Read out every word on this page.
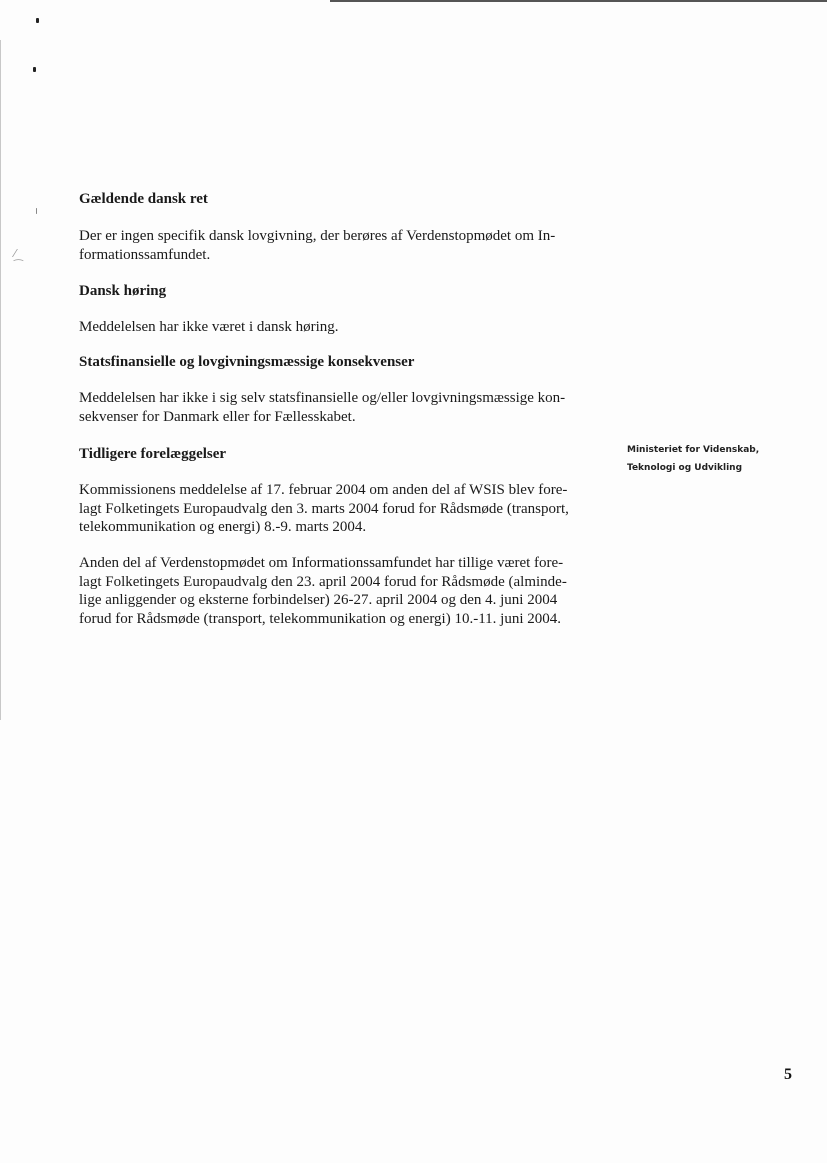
⁄
⁀
Gældende dansk ret

Der er ingen specifik dansk lovgivning, der berøres af Verdenstopmødet om In-
formationssamfundet.

Dansk høring

Meddelelsen har ikke været i dansk høring.

Statsfinansielle og lovgivningsmæssige konsekvenser

Meddelelsen har ikke i sig selv statsfinansielle og/eller lovgivningsmæssige kon-
sekvenser for Danmark eller for Fællesskabet.

Tidligere forelæggelser

Kommissionens meddelelse af 17. februar 2004 om anden del af WSIS blev fore-
lagt Folketingets Europaudvalg den 3. marts 2004 forud for Rådsmøde (transport,
telekommunikation og energi) 8.-9. marts 2004.

Anden del af Verdenstopmødet om Informationssamfundet har tillige været fore-
lagt Folketingets Europaudvalg den 23. april 2004 forud for Rådsmøde (alminde-
lige anliggender og eksterne forbindelser) 26-27. april 2004 og den 4. juni 2004
forud for Rådsmøde (transport, telekommunikation og energi) 10.-11. juni 2004.

Ministeriet for Videnskab,
Teknologi og Udvikling
5
